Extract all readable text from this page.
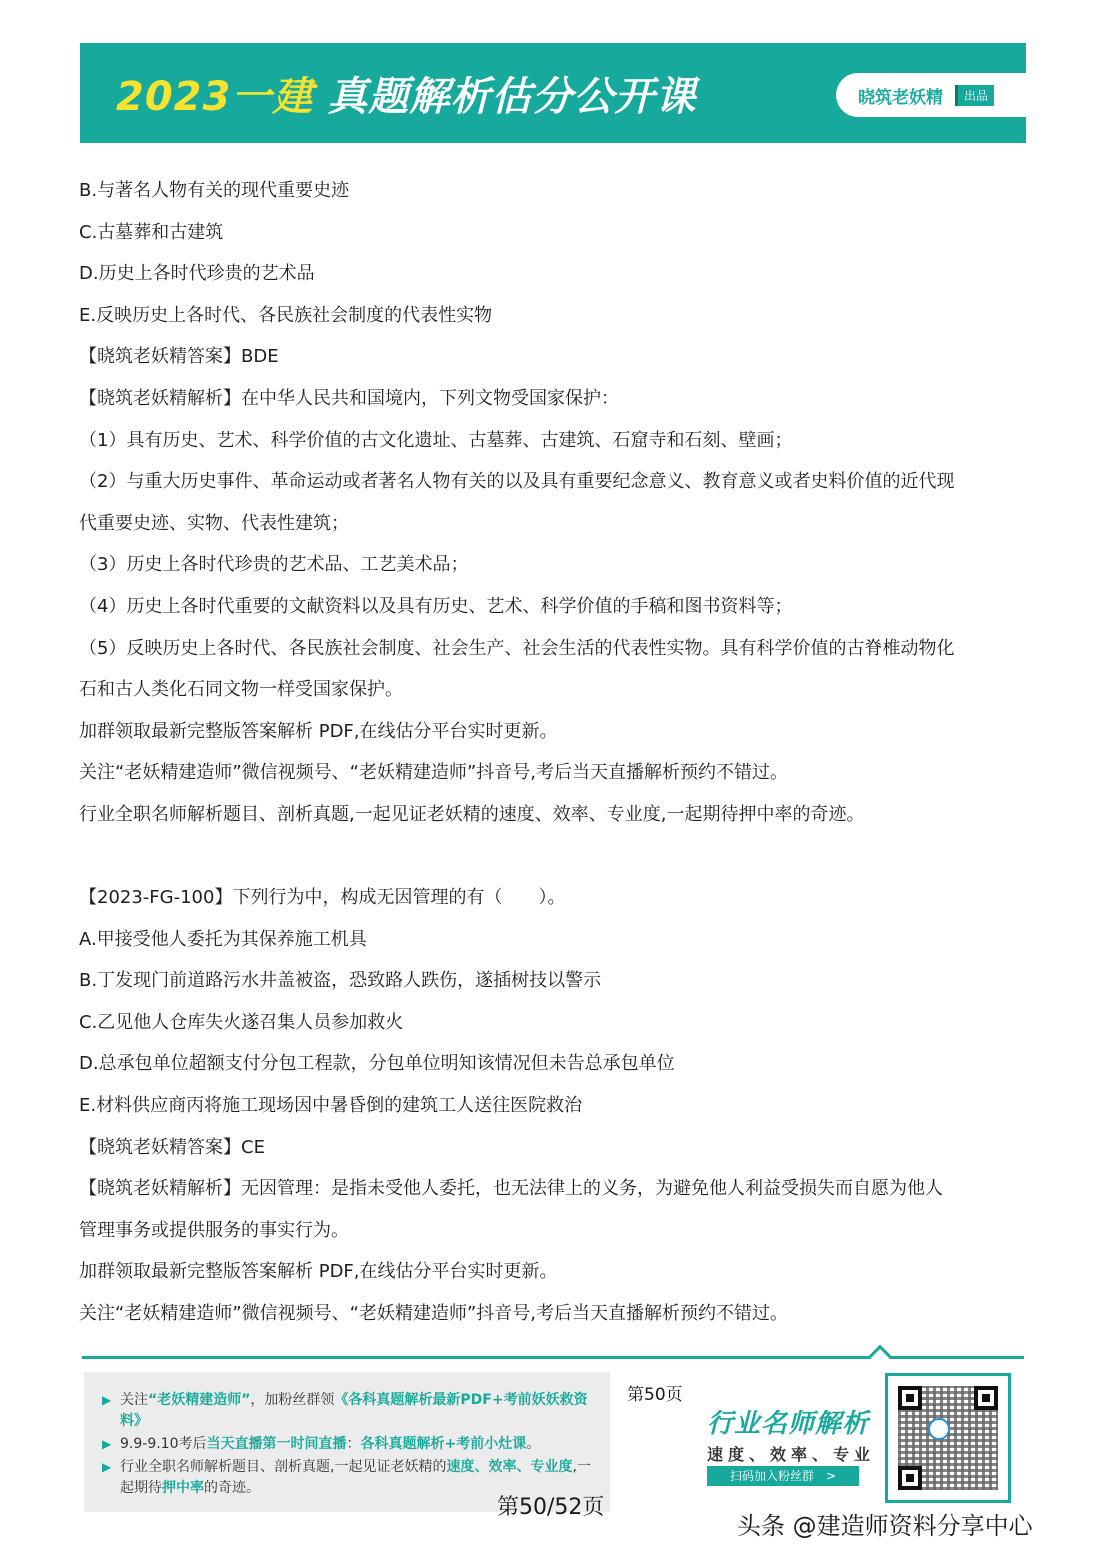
2023一建 真题解析估分公开课	晓筑老妖精	出品
B.与著名人物有关的现代重要史迹
C.古墓葬和古建筑
D.历史上各时代珍贵的艺术品
E.反映历史上各时代、各民族社会制度的代表性实物
【晓筑老妖精答案】BDE
【晓筑老妖精解析】在中华人民共和国境内，下列文物受国家保护：
（1）具有历史、艺术、科学价值的古文化遗址、古墓葬、古建筑、石窟寺和石刻、壁画；
（2）与重大历史事件、革命运动或者著名人物有关的以及具有重要纪念意义、教育意义或者史料价值的近代现
代重要史迹、实物、代表性建筑；
（3）历史上各时代珍贵的艺术品、工艺美术品；
（4）历史上各时代重要的文献资料以及具有历史、艺术、科学价值的手稿和图书资料等；
（5）反映历史上各时代、各民族社会制度、社会生产、社会生活的代表性实物。具有科学价值的古脊椎动物化
石和古人类化石同文物一样受国家保护。
加群领取最新完整版答案解析 PDF,在线估分平台实时更新。
关注“老妖精建造师”微信视频号、“老妖精建造师”抖音号,考后当天直播解析预约不错过。
行业全职名师解析题目、剖析真题,一起见证老妖精的速度、效率、专业度,一起期待押中率的奇迹。
【2023-FG-100】下列行为中，构成无因管理的有（　　）。
A.甲接受他人委托为其保养施工机具
B.丁发现门前道路污水井盖被盗，恐致路人跌伤，遂插树技以警示
C.乙见他人仓库失火遂召集人员参加救火
D.总承包单位超额支付分包工程款，分包单位明知该情况但未告总承包单位
E.材料供应商丙将施工现场因中暑昏倒的建筑工人送往医院救治
【晓筑老妖精答案】CE
【晓筑老妖精解析】无因管理：是指未受他人委托，也无法律上的义务，为避免他人利益受损失而自愿为他人
管理事务或提供服务的事实行为。
加群领取最新完整版答案解析 PDF,在线估分平台实时更新。
关注“老妖精建造师”微信视频号、“老妖精建造师”抖音号,考后当天直播解析预约不错过。
▶ 关注“老妖精建造师”，加粉丝群领《各科真题解析最新PDF+考前妖妖救资料》
▶ 9.9-9.10考后当天直播第一时间直播：各科真题解析+考前小灶课。
▶ 行业全职名师解析题目、剖析真题,一起见证老妖精的速度、效率、专业度,一起期待押中率的奇迹。
第50页
第50/52页
行业名师解析
速度、效率、专业
扫码加入粉丝群　>
头条 @建造师资料分享中心
